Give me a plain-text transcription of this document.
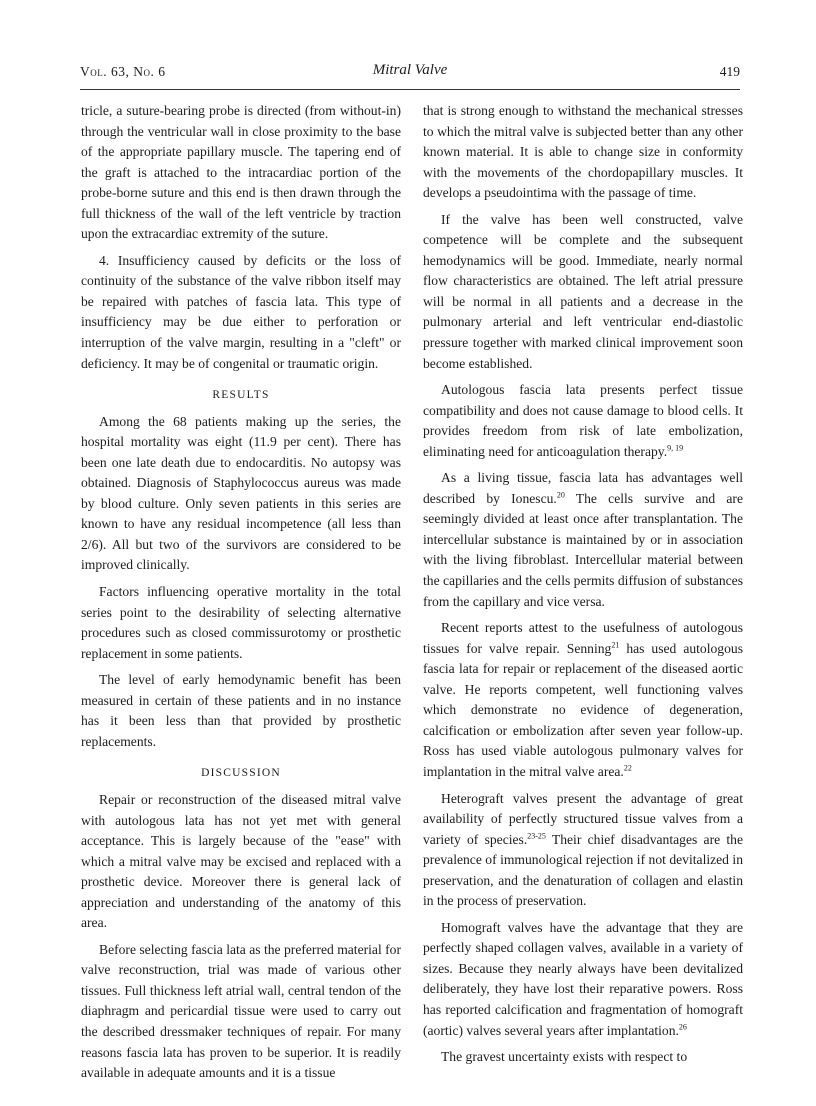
Vol. 63, No. 6	Mitral Valve	419

tricle, a suture-bearing probe is directed (from without-in) through the ventricular wall in close proximity to the base of the appropriate papillary muscle. The tapering end of the graft is attached to the intracardiac portion of the probe-borne suture and this end is then drawn through the full thickness of the wall of the left ventricle by traction upon the extracardiac extremity of the suture.

4. Insufficiency caused by deficits or the loss of continuity of the substance of the valve ribbon itself may be repaired with patches of fascia lata. This type of insufficiency may be due either to perforation or interruption of the valve margin, resulting in a "cleft" or deficiency. It may be of congenital or traumatic origin.

RESULTS

Among the 68 patients making up the series, the hospital mortality was eight (11.9 per cent). There has been one late death due to endocarditis. No autopsy was obtained. Diagnosis of Staphylococcus aureus was made by blood culture. Only seven patients in this series are known to have any residual incompetence (all less than 2/6). All but two of the survivors are considered to be improved clinically.

Factors influencing operative mortality in the total series point to the desirability of selecting alternative procedures such as closed commissurotomy or prosthetic replacement in some patients.

The level of early hemodynamic benefit has been measured in certain of these patients and in no instance has it been less than that provided by prosthetic replacements.

DISCUSSION

Repair or reconstruction of the diseased mitral valve with autologous lata has not yet met with general acceptance. This is largely because of the "ease" with which a mitral valve may be excised and replaced with a prosthetic device. Moreover there is general lack of appreciation and understanding of the anatomy of this area.

Before selecting fascia lata as the preferred material for valve reconstruction, trial was made of various other tissues. Full thickness left atrial wall, central tendon of the diaphragm and pericardial tissue were used to carry out the described dressmaker techniques of repair. For many reasons fascia lata has proven to be superior. It is readily available in adequate amounts and it is a tissue

that is strong enough to withstand the mechanical stresses to which the mitral valve is subjected better than any other known material. It is able to change size in conformity with the movements of the chordopapillary muscles. It develops a pseudointima with the passage of time.

If the valve has been well constructed, valve competence will be complete and the subsequent hemodynamics will be good. Immediate, nearly normal flow characteristics are obtained. The left atrial pressure will be normal in all patients and a decrease in the pulmonary arterial and left ventricular end-diastolic pressure together with marked clinical improvement soon become established.

Autologous fascia lata presents perfect tissue compatibility and does not cause damage to blood cells. It provides freedom from risk of late embolization, eliminating need for anticoagulation therapy.$^{9, 19}$

As a living tissue, fascia lata has advantages well described by Ionescu.$^{20}$ The cells survive and are seemingly divided at least once after transplantation. The intercellular substance is maintained by or in association with the living fibroblast. Intercellular material between the capillaries and the cells permits diffusion of substances from the capillary and vice versa.

Recent reports attest to the usefulness of autologous tissues for valve repair. Senning$^{21}$ has used autologous fascia lata for repair or replacement of the diseased aortic valve. He reports competent, well functioning valves which demonstrate no evidence of degeneration, calcification or embolization after seven year follow-up. Ross has used viable autologous pulmonary valves for implantation in the mitral valve area.$^{22}$

Heterograft valves present the advantage of great availability of perfectly structured tissue valves from a variety of species.$^{23-25}$ Their chief disadvantages are the prevalence of immunological rejection if not devitalized in preservation, and the denaturation of collagen and elastin in the process of preservation.

Homograft valves have the advantage that they are perfectly shaped collagen valves, available in a variety of sizes. Because they nearly always have been devitalized deliberately, they have lost their reparative powers. Ross has reported calcification and fragmentation of homograft (aortic) valves several years after implantation.$^{26}$

The gravest uncertainty exists with respect to
